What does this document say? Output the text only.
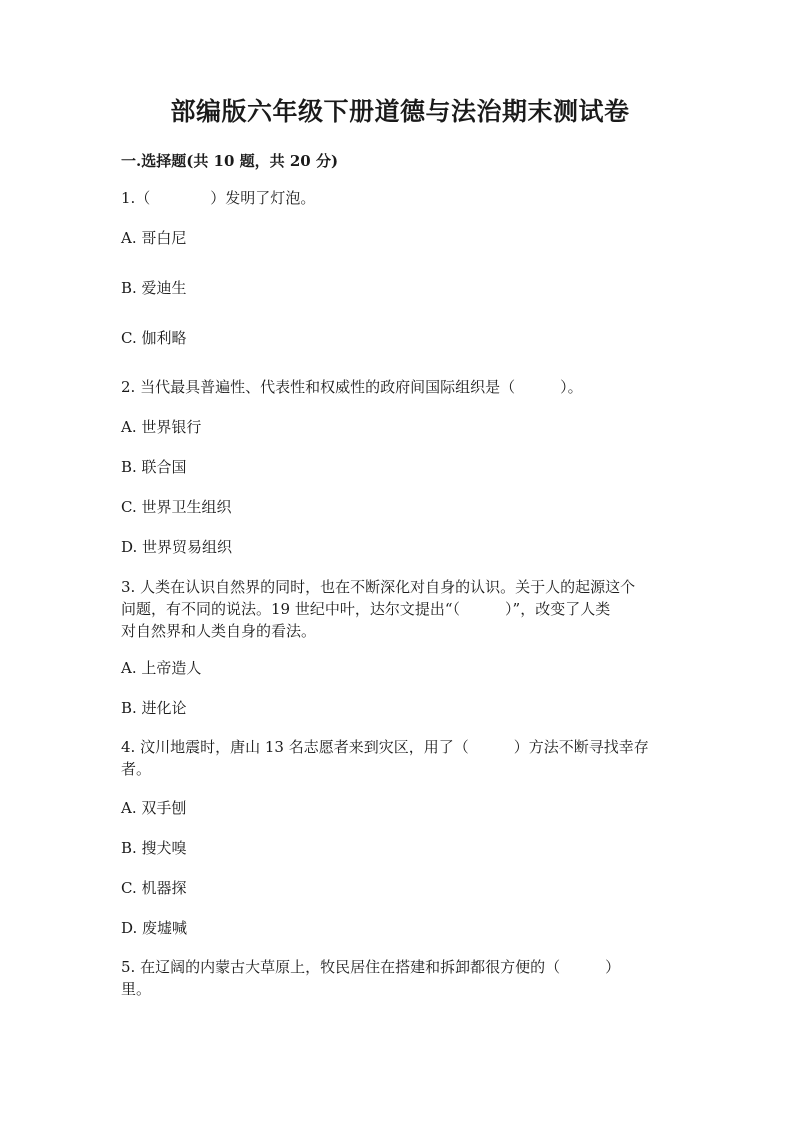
部编版六年级下册道德与法治期末测试卷
一.选择题(共 10 题，共 20 分)
1.（　　　　）发明了灯泡。
A. 哥白尼
B. 爱迪生
C. 伽利略
2. 当代最具普遍性、代表性和权威性的政府间国际组织是（　　　）。
A. 世界银行
B. 联合国
C. 世界卫生组织
D. 世界贸易组织
3. 人类在认识自然界的同时，也在不断深化对自身的认识。关于人的起源这个
问题，有不同的说法。19 世纪中叶，达尔文提出“（　　　）”，改变了人类
对自然界和人类自身的看法。
A. 上帝造人
B. 进化论
4. 汶川地震时，唐山 13 名志愿者来到灾区，用了（　　　）方法不断寻找幸存
者。
A. 双手刨
B. 搜犬嗅
C. 机器探
D. 废墟喊
5. 在辽阔的内蒙古大草原上，牧民居住在搭建和拆卸都很方便的（　　　）
里。
